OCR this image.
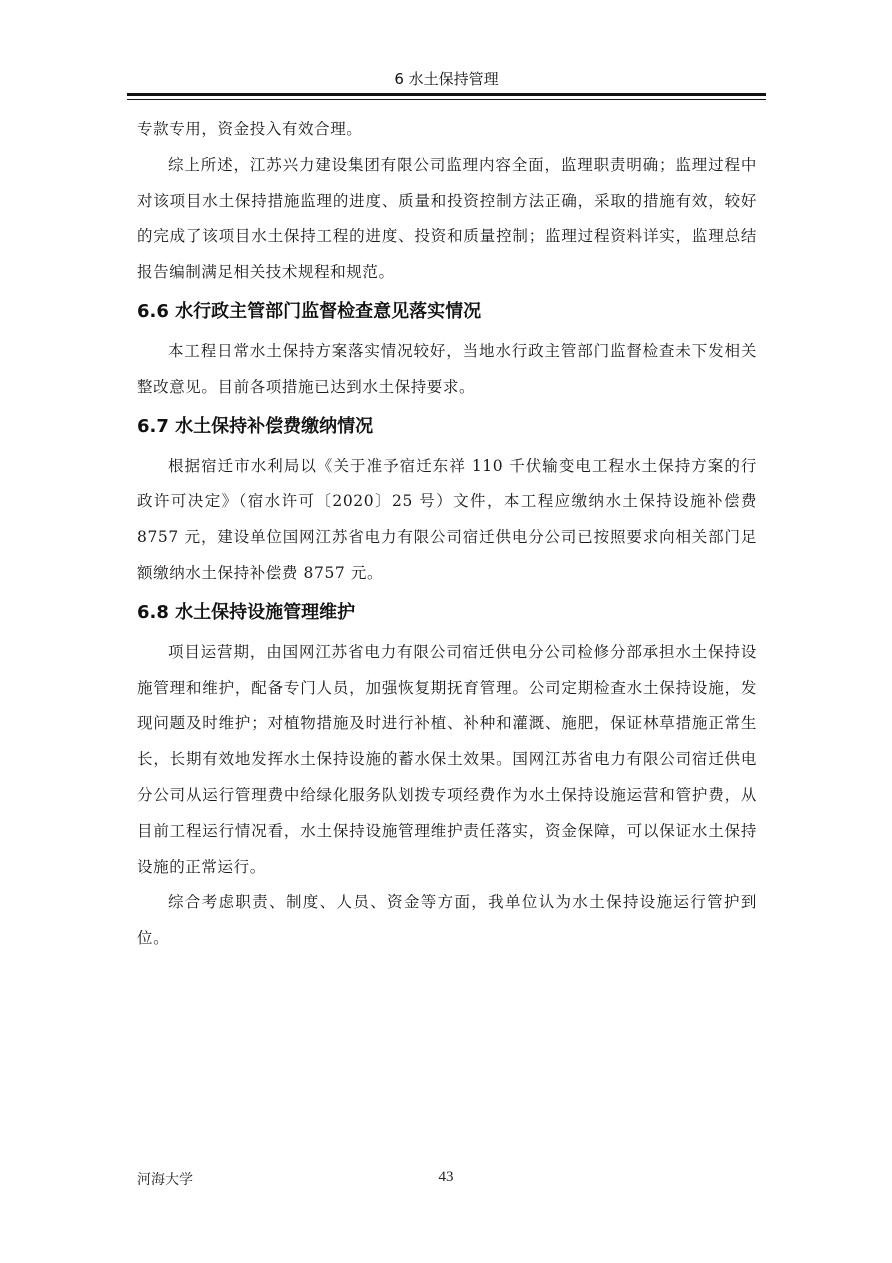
6 水土保持管理

专款专用，资金投入有效合理。

综上所述，江苏兴力建设集团有限公司监理内容全面，监理职责明确；监理过程中对该项目水土保持措施监理的进度、质量和投资控制方法正确，采取的措施有效，较好的完成了该项目水土保持工程的进度、投资和质量控制；监理过程资料详实，监理总结报告编制满足相关技术规程和规范。

6.6 水行政主管部门监督检查意见落实情况

本工程日常水土保持方案落实情况较好，当地水行政主管部门监督检查未下发相关整改意见。目前各项措施已达到水土保持要求。

6.7 水土保持补偿费缴纳情况

根据宿迁市水利局以《关于准予宿迁东祥 110 千伏输变电工程水土保持方案的行政许可决定》（宿水许可〔2020〕25 号）文件，本工程应缴纳水土保持设施补偿费 8757 元，建设单位国网江苏省电力有限公司宿迁供电分公司已按照要求向相关部门足额缴纳水土保持补偿费 8757 元。

6.8 水土保持设施管理维护

项目运营期，由国网江苏省电力有限公司宿迁供电分公司检修分部承担水土保持设施管理和维护，配备专门人员，加强恢复期抚育管理。公司定期检查水土保持设施，发现问题及时维护；对植物措施及时进行补植、补种和灌溉、施肥，保证林草措施正常生长，长期有效地发挥水土保持设施的蓄水保土效果。国网江苏省电力有限公司宿迁供电分公司从运行管理费中给绿化服务队划拨专项经费作为水土保持设施运营和管护费，从目前工程运行情况看，水土保持设施管理维护责任落实，资金保障，可以保证水土保持设施的正常运行。

综合考虑职责、制度、人员、资金等方面，我单位认为水土保持设施运行管护到位。

河海大学	43
